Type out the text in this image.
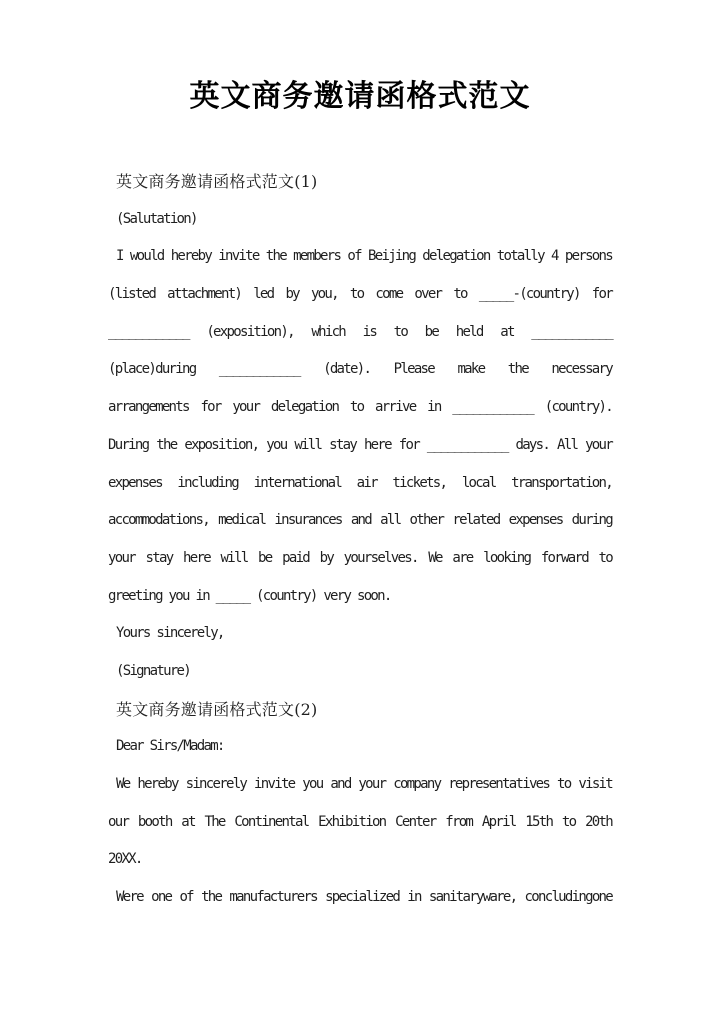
英文商务邀请函格式范文
英文商务邀请函格式范文(1)
(Salutation)
I would hereby invite the members of Beijing delegation totally 4 persons
(listed attachment) led by you, to come over to _____-(country) for
____________ (exposition), which is to be held at ____________
(place)during ____________ (date). Please make the necessary
arrangements for your delegation to arrive in ____________ (country).
During the exposition, you will stay here for ____________ days. All your
expenses including international air tickets, local transportation,
accommodations, medical insurances and all other related expenses during
your stay here will be paid by yourselves. We are looking forward to
greeting you in _____ (country) very soon.
Yours sincerely,
(Signature)
英文商务邀请函格式范文(2)
Dear Sirs/Madam:
We hereby sincerely invite you and your company representatives to visit
our booth at The Continental Exhibition Center from April 15th to 20th
20XX.
Were one of the manufacturers specialized in sanitaryware, concludingone
